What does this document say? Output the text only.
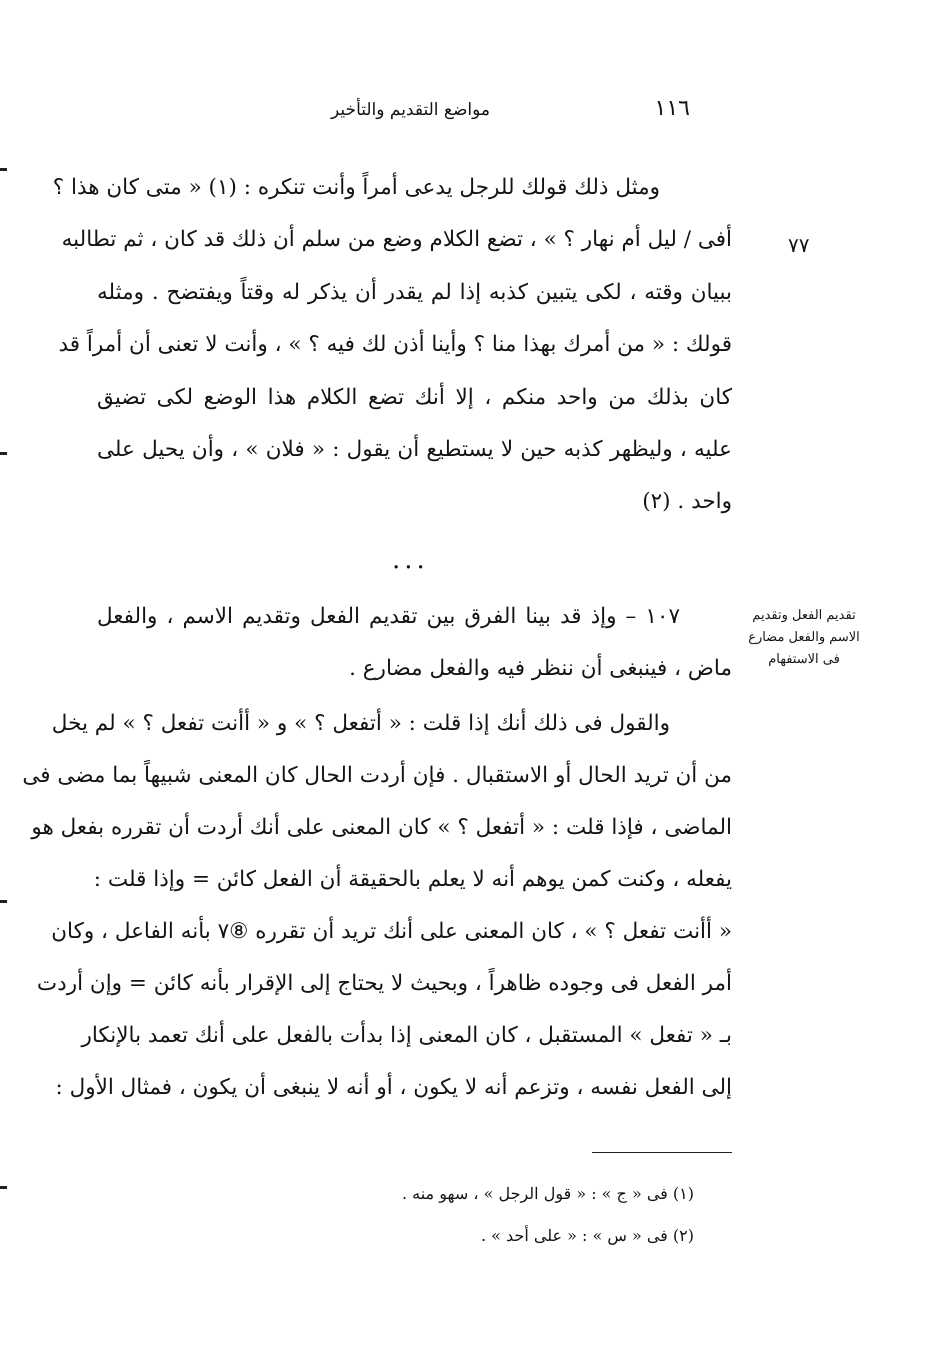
١١٦
مواضع التقديم والتأخير
٧٧
ومثل ذلك قولك للرجل يدعى أمراً وأنت تنكره : (١) « متى كان هذا ؟
أفى / ليل أم نهار ؟ » ، تضع الكلام وضع من سلم أن ذلك قد كان ، ثم تطالبه
ببيان وقته ، لكى يتبين كذبه إذا لم يقدر أن يذكر له وقتاً ويفتضح . ومثله
قولك : « من أمرك بهذا منا ؟ وأينا أذن لك فيه ؟ » ، وأنت لا تعنى أن أمراً قد
كان بذلك من واحد منكم ، إلا أنك تضع الكلام هذا الوضع لكى تضيق
عليه ، وليظهر كذبه حين لا يستطيع أن يقول : « فلان » ، وأن يحيل على
واحد . (٢)
...
تقديم الفعل وتقديم
الاسم والفعل مضارع
فى الاستفهام
١٠٧ – وإذ قد بينا الفرق بين تقديم الفعل وتقديم الاسم ، والفعل
ماض ، فينبغى أن ننظر فيه والفعل مضارع .
والقول فى ذلك أنك إذا قلت : « أتفعل ؟ » و « أأنت تفعل ؟ » لم يخل
من أن تريد الحال أو الاستقبال . فإن أردت الحال كان المعنى شبيهاً بما مضى فى
الماضى ، فإذا قلت : « أتفعل ؟ » كان المعنى على أنك أردت أن تقرره بفعل هو
يفعله ، وكنت كمن يوهم أنه لا يعلم بالحقيقة أن الفعل كائن = وإذا قلت :
« أأنت تفعل ؟ » ، كان المعنى على أنك تريد أن تقرره ⑧٧ بأنه الفاعل ، وكان
أمر الفعل فى وجوده ظاهراً ، وبحيث لا يحتاج إلى الإقرار بأنه كائن = وإن أردت
بـ « تفعل » المستقبل ، كان المعنى إذا بدأت بالفعل على أنك تعمد بالإنكار
إلى الفعل نفسه ، وتزعم أنه لا يكون ، أو أنه لا ينبغى أن يكون ، فمثال الأول :
(١) فى « ج » : « قول الرجل » ، سهو منه .
(٢) فى « س » : « على أحد » .
